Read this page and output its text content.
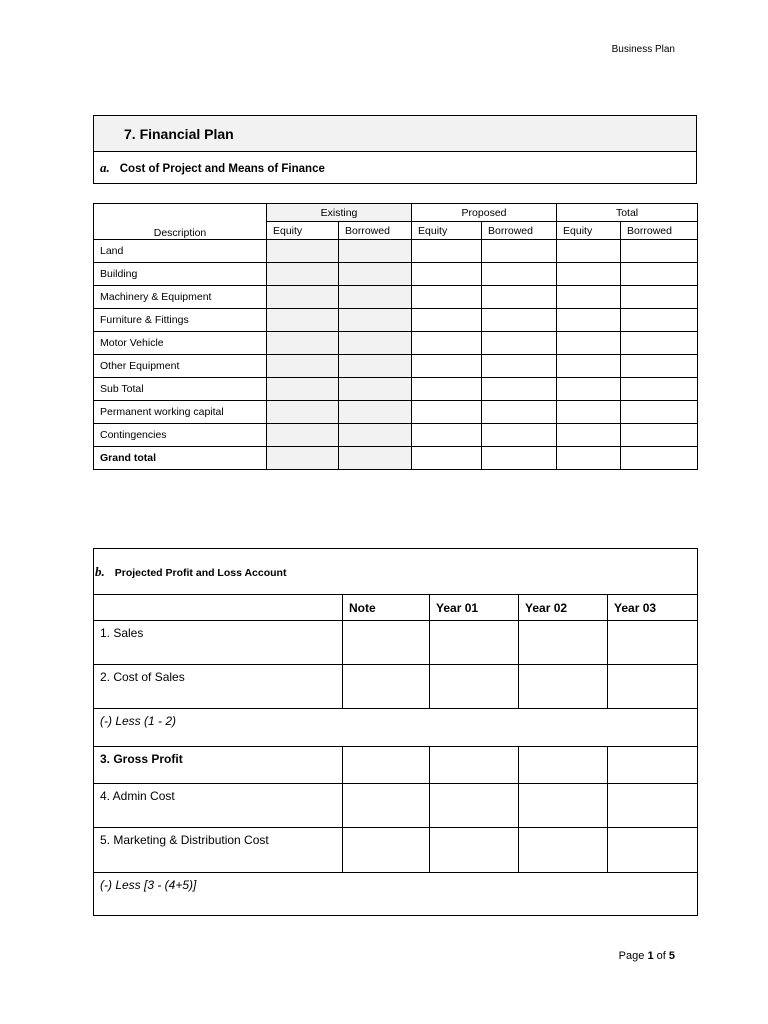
Business Plan
7. Financial Plan
a. Cost of Project and Means of Finance
Description	Existing		Proposed		Total	
	Equity	Borrowed	Equity	Borrowed	Equity	Borrowed
Land						
Building						
Machinery & Equipment						
Furniture & Fittings						
Motor Vehicle						
Other Equipment						
Sub Total						
Permanent working capital						
Contingencies						
Grand total						
b. Projected Profit and Loss Account				
	Note	Year 01	Year 02	Year 03
1. Sales				
2. Cost of Sales				
(-) Less (1 - 2)				
3. Gross Profit				
4. Admin Cost				
5. Marketing & Distribution Cost				
(-) Less [3 - (4+5)]				
Page 1 of 5
